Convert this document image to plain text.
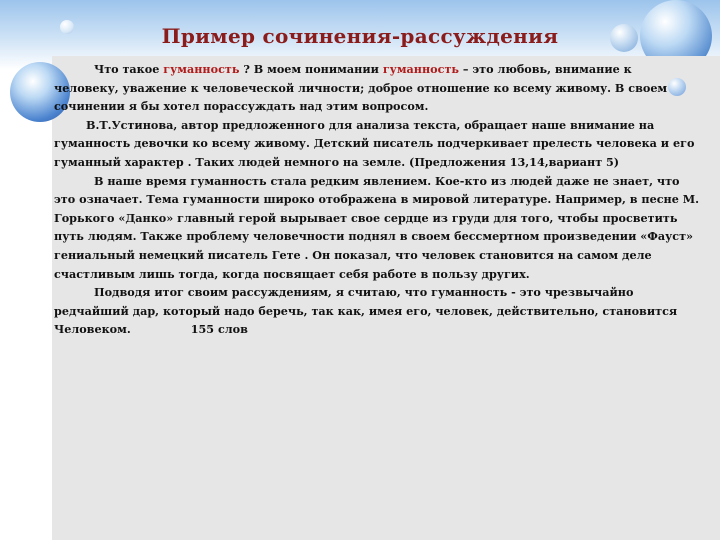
Пример сочинения-рассуждения

Что такое гуманность ? В моем понимании гуманность – это любовь, внимание к человеку, уважение к человеческой личности; доброе отношение ко всему живому. В своем сочинении я бы хотел порассуждать над этим вопросом.

В.Т.Устинова, автор предложенного для анализа текста, обращает наше внимание на гуманность девочки ко всему живому. Детский писатель подчеркивает прелесть человека и его гуманный характер . Таких людей немного на земле. (Предложения 13,14,вариант 5)

В наше время гуманность стала редким явлением. Кое-кто из людей даже не знает, что это означает. Тема гуманности широко отображена в мировой литературе. Например, в песне М. Горького «Данко» главный герой вырывает свое сердце из груди для того, чтобы просветить путь людям. Также проблему человечности поднял в своем бессмертном произведении «Фауст» гениальный немецкий писатель Гете . Он показал, что человек становится на самом деле счастливым лишь тогда, когда посвящает себя работе в пользу других.

Подводя итог своим рассуждениям, я считаю, что гуманность - это чрезвычайно редчайший дар, который надо беречь, так как, имея его, человек, действительно, становится Человеком.	155 слов
